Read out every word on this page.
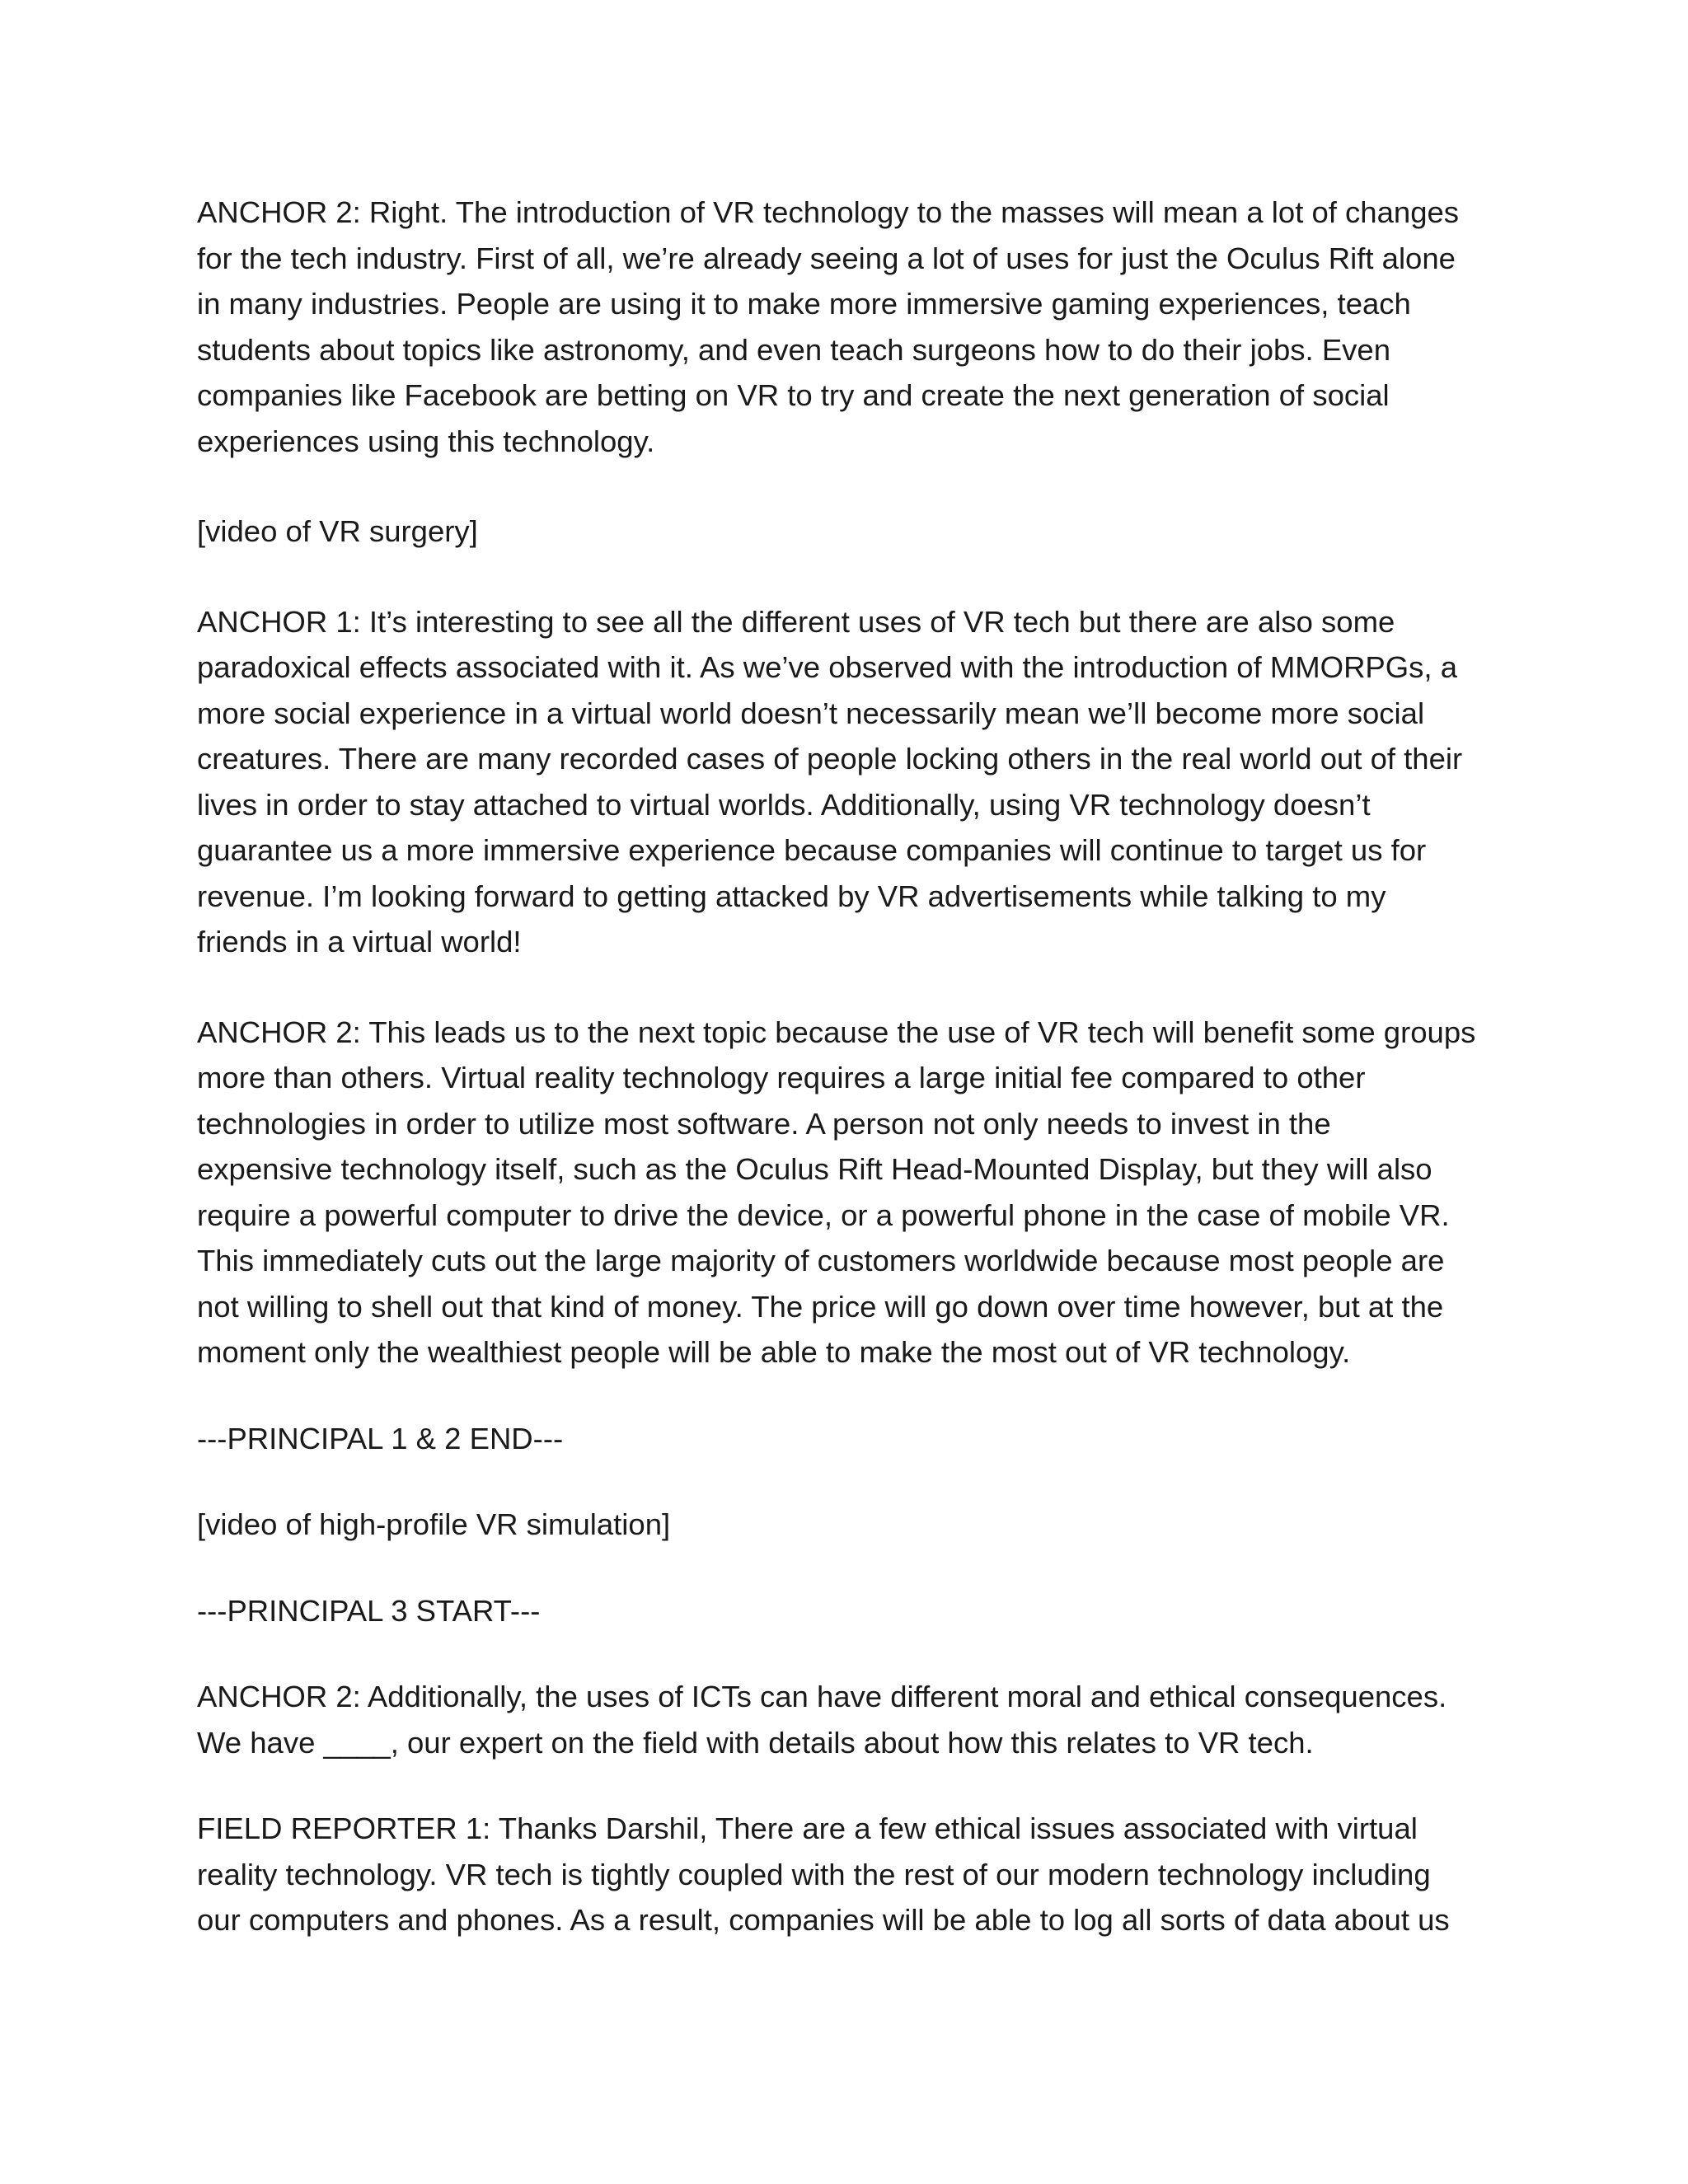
ANCHOR 2: Right. The introduction of VR technology to the masses will mean a lot of changes
for the tech industry. First of all, we’re already seeing a lot of uses for just the Oculus Rift alone
in many industries. People are using it to make more immersive gaming experiences, teach
students about topics like astronomy, and even teach surgeons how to do their jobs. Even
companies like Facebook are betting on VR to try and create the next generation of social
experiences using this technology.

[video of VR surgery]

ANCHOR 1: It’s interesting to see all the different uses of VR tech but there are also some
paradoxical effects associated with it. As we’ve observed with the introduction of MMORPGs, a
more social experience in a virtual world doesn’t necessarily mean we’ll become more social
creatures. There are many recorded cases of people locking others in the real world out of their
lives in order to stay attached to virtual worlds. Additionally, using VR technology doesn’t
guarantee us a more immersive experience because companies will continue to target us for
revenue. I’m looking forward to getting attacked by VR advertisements while talking to my
friends in a virtual world!

ANCHOR 2: This leads us to the next topic because the use of VR tech will benefit some groups
more than others. Virtual reality technology requires a large initial fee compared to other
technologies in order to utilize most software. A person not only needs to invest in the
expensive technology itself, such as the Oculus Rift Head-Mounted Display, but they will also
require a powerful computer to drive the device, or a powerful phone in the case of mobile VR.
This immediately cuts out the large majority of customers worldwide because most people are
not willing to shell out that kind of money. The price will go down over time however, but at the
moment only the wealthiest people will be able to make the most out of VR technology.

---PRINCIPAL 1 & 2 END---

[video of high-profile VR simulation]

---PRINCIPAL 3 START---

ANCHOR 2: Additionally, the uses of ICTs can have different moral and ethical consequences.
We have ____, our expert on the field with details about how this relates to VR tech.

FIELD REPORTER 1: Thanks Darshil, There are a few ethical issues associated with virtual
reality technology. VR tech is tightly coupled with the rest of our modern technology including
our computers and phones. As a result, companies will be able to log all sorts of data about us
